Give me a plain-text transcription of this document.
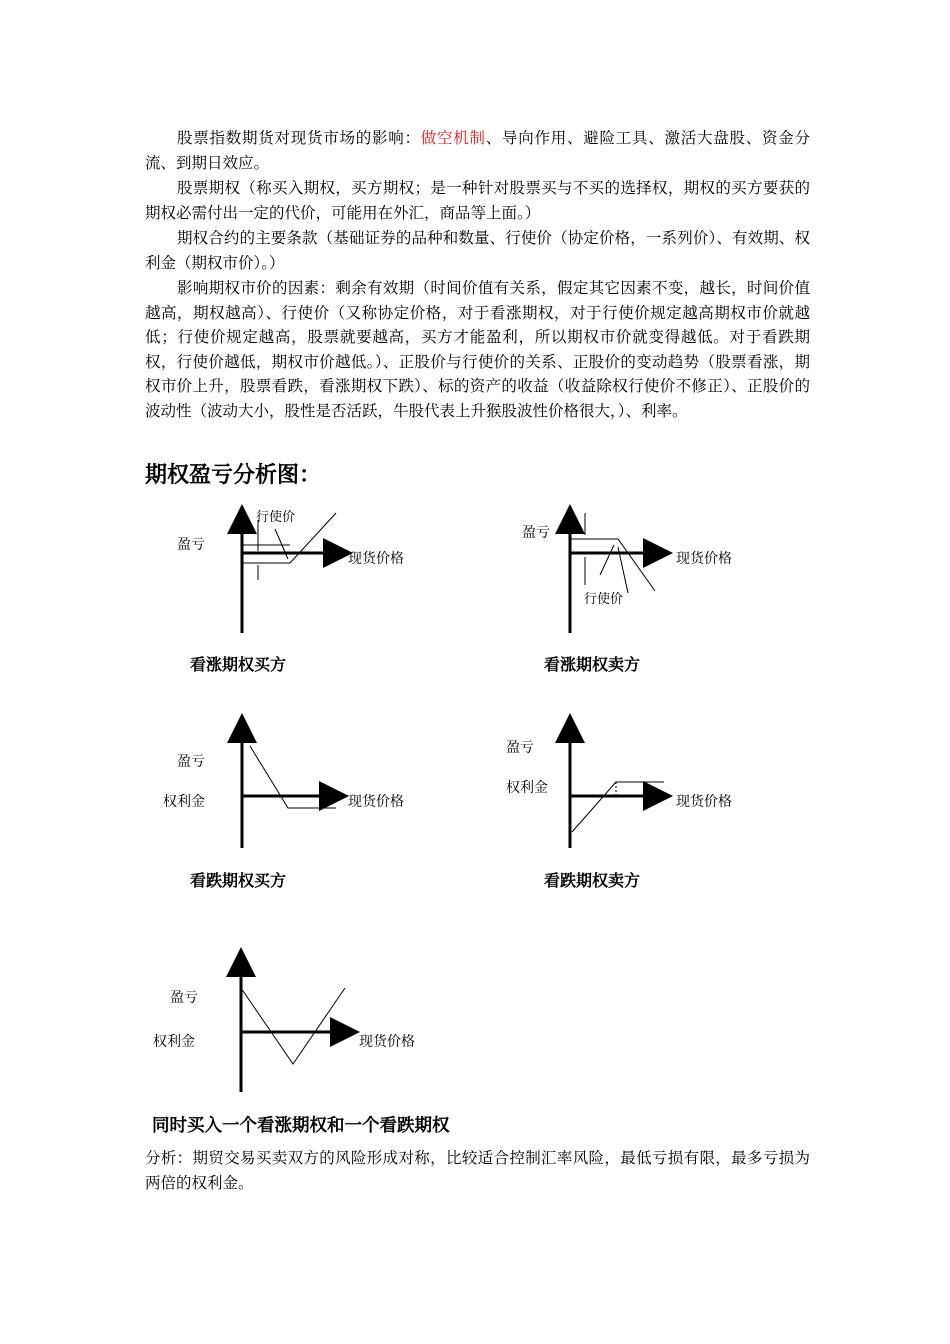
股票指数期货对现货市场的影响：做空机制、导向作用、避险工具、激活大盘股、资金分流、到期日效应。

股票期权（称买入期权，买方期权；是一种针对股票买与不买的选择权，期权的买方要获的期权必需付出一定的代价，可能用在外汇，商品等上面。）

期权合约的主要条款（基础证券的品种和数量、行使价（协定价格，一系列价）、有效期、权利金（期权市价）。）

影响期权市价的因素：剩余有效期（时间价值有关系，假定其它因素不变，越长，时间价值越高，期权越高）、行使价（又称协定价格，对于看涨期权，对于行使价规定越高期权市价就越低；行使价规定越高，股票就要越高，买方才能盈利，所以期权市价就变得越低。对于看跌期权，行使价越低，期权市价越低。）、正股价与行使价的关系、正股价的变动趋势（股票看涨，期权市价上升，股票看跌，看涨期权下跌）、标的资产的收益（收益除权行使价不修正）、正股价的波动性（波动大小，股性是否活跃，牛股代表上升猴股波性价格很大，）、利率。

期权盈亏分析图：
盈亏
现货价格
行使价
看涨期权买方
盈亏
现货价格
行使价
看涨期权卖方
盈亏
权利金	现货价格
看跌期权买方
盈亏
权利金
现货价格
看跌期权卖方
盈亏
权利金	现货价格
同时买入一个看涨期权和一个看跌期权

分析：期贸交易买卖双方的风险形成对称，比较适合控制汇率风险，最低亏损有限，最多亏损为两倍的权利金。
